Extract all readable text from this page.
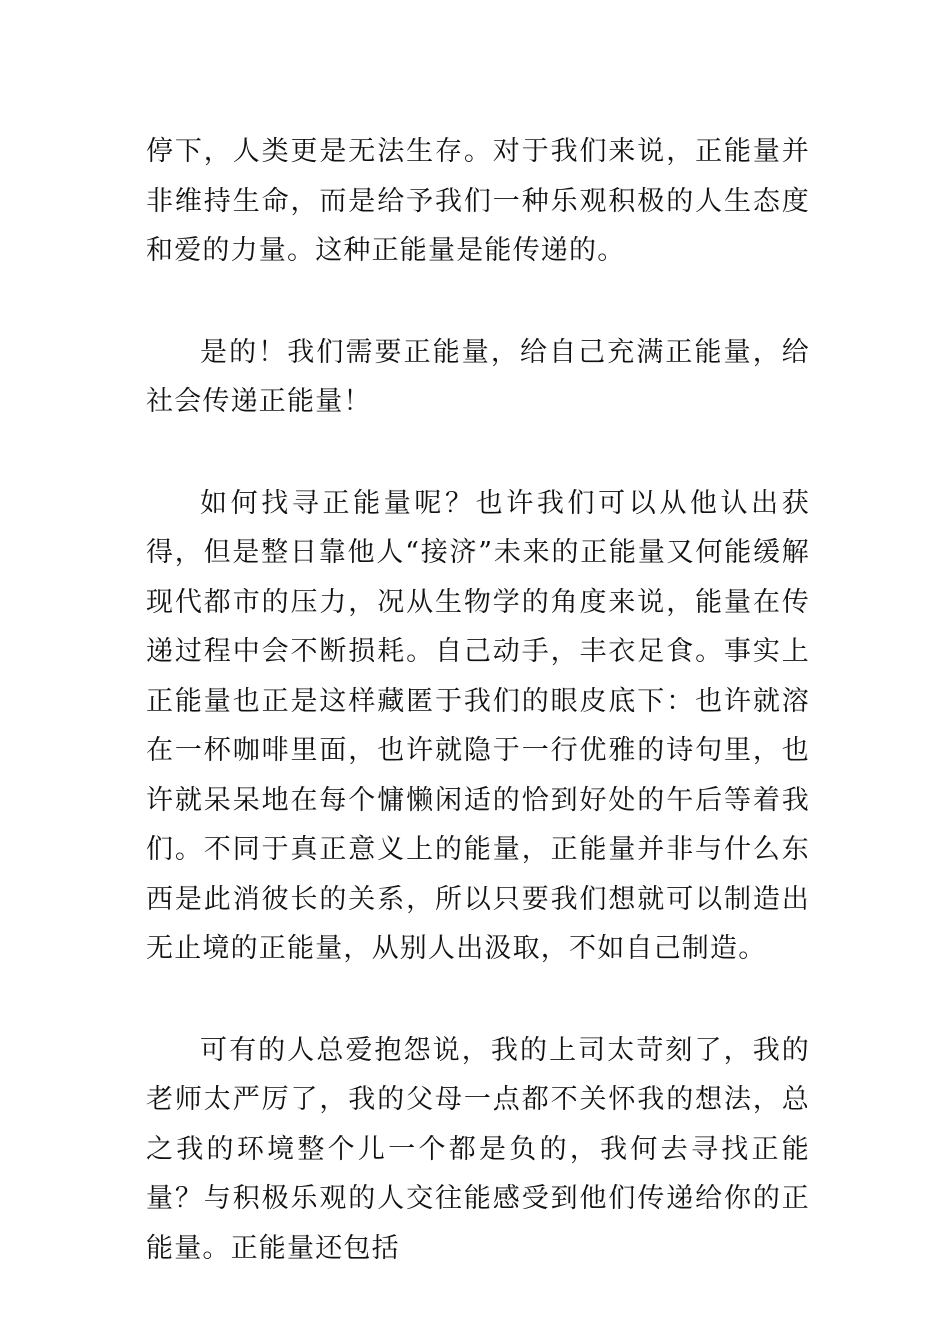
停下，人类更是无法生存。对于我们来说，正能量并非维持生命，而是给予我们一种乐观积极的人生态度和爱的力量。这种正能量是能传递的。

是的！我们需要正能量，给自己充满正能量，给社会传递正能量！

如何找寻正能量呢？也许我们可以从他认出获得，但是整日靠他人“接济”未来的正能量又何能缓解现代都市的压力，况从生物学的角度来说，能量在传递过程中会不断损耗。自己动手，丰衣足食。事实上正能量也正是这样藏匿于我们的眼皮底下：也许就溶在一杯咖啡里面，也许就隐于一行优雅的诗句里，也许就呆呆地在每个慵懒闲适的恰到好处的午后等着我们。不同于真正意义上的能量，正能量并非与什么东西是此消彼长的关系，所以只要我们想就可以制造出无止境的正能量，从别人出汲取，不如自己制造。

可有的人总爱抱怨说，我的上司太苛刻了，我的老师太严厉了，我的父母一点都不关怀我的想法，总之我的环境整个儿一个都是负的，我何去寻找正能量？与积极乐观的人交往能感受到他们传递给你的正能量。正能量还包括
